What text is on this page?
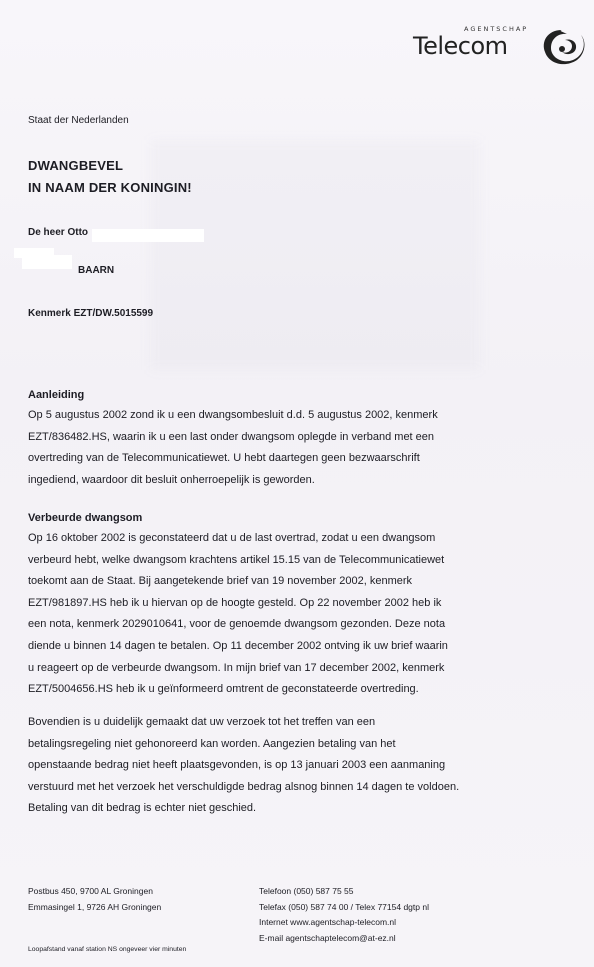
AGENTSCHAP
Telecom
Staat der Nederlanden
DWANGBEVEL
IN NAAM DER KONINGIN!
De heer Otto
BAARN
Kenmerk EZT/DW.5015599
Aanleiding

Op 5 augustus 2002 zond ik u een dwangsombesluit d.d. 5 augustus 2002, kenmerk

EZT/836482.HS, waarin ik u een last onder dwangsom oplegde in verband met een

overtreding van de Telecommunicatiewet. U hebt daartegen geen bezwaarschrift

ingediend, waardoor dit besluit onherroepelijk is geworden.

Verbeurde dwangsom

Op 16 oktober 2002 is geconstateerd dat u de last overtrad, zodat u een dwangsom

verbeurd hebt, welke dwangsom krachtens artikel 15.15 van de Telecommunicatiewet

toekomt aan de Staat. Bij aangetekende brief van 19 november 2002, kenmerk

EZT/981897.HS heb ik u hiervan op de hoogte gesteld. Op 22 november 2002 heb ik

een nota, kenmerk 2029010641, voor de genoemde dwangsom gezonden. Deze nota

diende u binnen 14 dagen te betalen. Op 11 december 2002 ontving ik uw brief waarin

u reageert op de verbeurde dwangsom. In mijn brief van 17 december 2002, kenmerk

EZT/5004656.HS heb ik u geïnformeerd omtrent de geconstateerde overtreding.

Bovendien is u duidelijk gemaakt dat uw verzoek tot het treffen van een

betalingsregeling niet gehonoreerd kan worden. Aangezien betaling van het

openstaande bedrag niet heeft plaatsgevonden, is op 13 januari 2003 een aanmaning

verstuurd met het verzoek het verschuldigde bedrag alsnog binnen 14 dagen te voldoen.

Betaling van dit bedrag is echter niet geschied.

Postbus 450, 9700 AL Groningen
Emmasingel 1, 9726 AH Groningen
Telefoon (050) 587 75 55
Telefax (050) 587 74 00 / Telex 77154 dgtp nl
Internet www.agentschap-telecom.nl
E-mail agentschaptelecom@at-ez.nl
Loopafstand vanaf station NS ongeveer vier minuten
